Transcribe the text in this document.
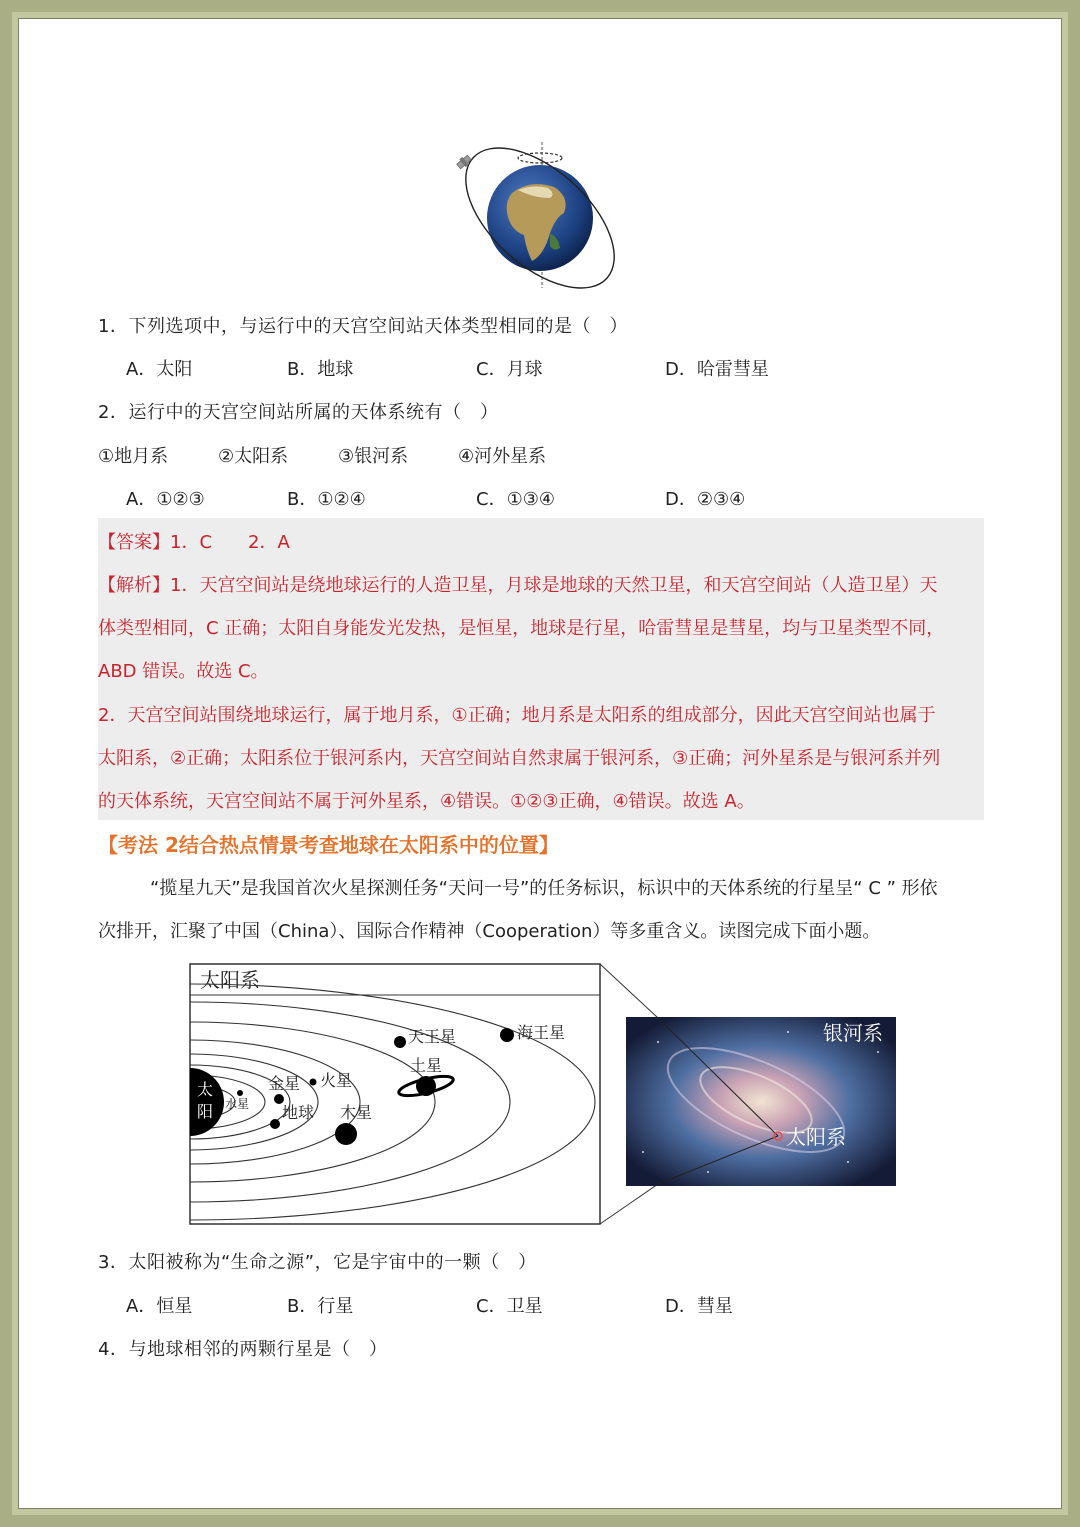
1．下列选项中，与运行中的天宫空间站天体类型相同的是（　）
A．太阳	B．地球	C．月球	D．哈雷彗星
2．运行中的天宫空间站所属的天体系统有（　）
①地月系	②太阳系	③银河系	④河外星系
A．①②③	B．①②④	C．①③④	D．②③④
【答案】1．C　　2．A
【解析】1．天宫空间站是绕地球运行的人造卫星，月球是地球的天然卫星，和天宫空间站（人造卫星）天
体类型相同，C 正确；太阳自身能发光发热，是恒星，地球是行星，哈雷彗星是彗星，均与卫星类型不同，
ABD 错误。故选 C。
2．天宫空间站围绕地球运行，属于地月系，①正确；地月系是太阳系的组成部分，因此天宫空间站也属于
太阳系，②正确；太阳系位于银河系内，天宫空间站自然隶属于银河系，③正确；河外星系是与银河系并列
的天体系统，天宫空间站不属于河外星系，④错误。①②③正确，④错误。故选 A。
【考法 2结合热点情景考查地球在太阳系中的位置】
“揽星九天”是我国首次火星探测任务“天问一号”的任务标识，标识中的天体系统的行星呈“ C ” 形依
次排开，汇聚了中国（China）、国际合作精神（Cooperation）等多重含义。读图完成下面小题。
太阳系
太
阳 水星
金星
地球
火星
木星
土星
天王星	海王星	银河系
太阳系
3．太阳被称为“生命之源”，它是宇宙中的一颗（　）
A．恒星	B．行星	C．卫星	D．彗星
4．与地球相邻的两颗行星是（　）
